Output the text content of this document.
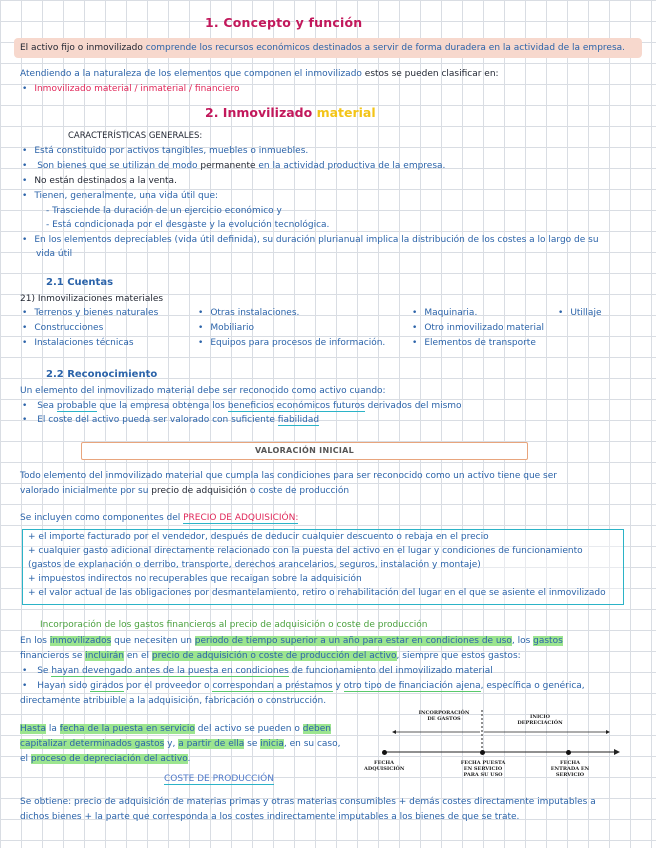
1. Concepto y función
El activo fijo o inmovilizado comprende los recursos económicos destinados a servir de forma duradera en la actividad de la empresa.
Atendiendo a la naturaleza de los elementos que componen el inmovilizado estos se pueden clasificar en:
• Inmovilizado material / inmaterial / financiero
2. Inmovilizado material
CARACTERÍSTICAS GENERALES:
• Está constituido por activos tangibles, muebles o inmuebles.
• Son bienes que se utilizan de modo permanente en la actividad productiva de la empresa.
• No están destinados a la venta.
• Tienen, generalmente, una vida útil que:
- Trasciende la duración de un ejercicio económico y
- Está condicionada por el desgaste y la evolución tecnológica.
• En los elementos depreciables (vida útil definida), su duración plurianual implica la distribución de los costes a lo largo de su
vida útil
2.1 Cuentas
21) Inmovilizaciones materiales
• Terrenos y bienes naturales
• Construcciones
• Instalaciones técnicas
• Otras instalaciones.
• Mobiliario
• Equipos para procesos de información.
• Maquinaria.
• Otro inmovilizado material
• Elementos de transporte
• Utillaje
2.2 Reconocimiento
Un elemento del inmovilizado material debe ser reconocido como activo cuando:
• Sea probable que la empresa obtenga los beneficios económicos futuros derivados del mismo
• El coste del activo pueda ser valorado con suficiente fiabilidad
VALORACIÓN INICIAL
Todo elemento del inmovilizado material que cumpla las condiciones para ser reconocido como un activo tiene que ser
valorado inicialmente por su precio de adquisición o coste de producción
Se incluyen como componentes del PRECIO DE ADQUISICIÓN:
+ el importe facturado por el vendedor, después de deducir cualquier descuento o rebaja en el precio
+ cualquier gasto adicional directamente relacionado con la puesta del activo en el lugar y condiciones de funcionamiento
(gastos de explanación o derribo, transporte, derechos arancelarios, seguros, instalación y montaje)
+ impuestos indirectos no recuperables que recaigan sobre la adquisición
+ el valor actual de las obligaciones por desmantelamiento, retiro o rehabilitación del lugar en el que se asiente el inmovilizado
Incorporación de los gastos financieros al precio de adquisición o coste de producción
En los inmovilizados que necesiten un periodo de tiempo superior a un año para estar en condiciones de uso, los gastos
financieros se incluirán en el precio de adquisición o coste de producción del activo, siempre que estos gastos:
• Se hayan devengado antes de la puesta en condiciones de funcionamiento del inmovilizado material
• Hayan sido girados por el proveedor o correspondan a préstamos y otro tipo de financiación ajena, específica o genérica,
directamente atribuible a la adquisición, fabricación o construcción.
Hasta la fecha de la puesta en servicio del activo se pueden o deben
capitalizar determinados gastos y, a partir de ella se inicia, en su caso,
el proceso de depreciación del activo.
INCORPORACIÓN DE GASTOS	INICIO DEPRECIACIÓN
FECHA ADQUISICIÓN
FECHA PUESTA EN SERVICIO PARA SU USO
FECHA ENTRADA EN SERVICIO
COSTE DE PRODUCCIÓN
Se obtiene: precio de adquisición de materias primas y otras materias consumibles + demás costes directamente imputables a
dichos bienes + la parte que corresponda a los costes indirectamente imputables a los bienes de que se trate.
